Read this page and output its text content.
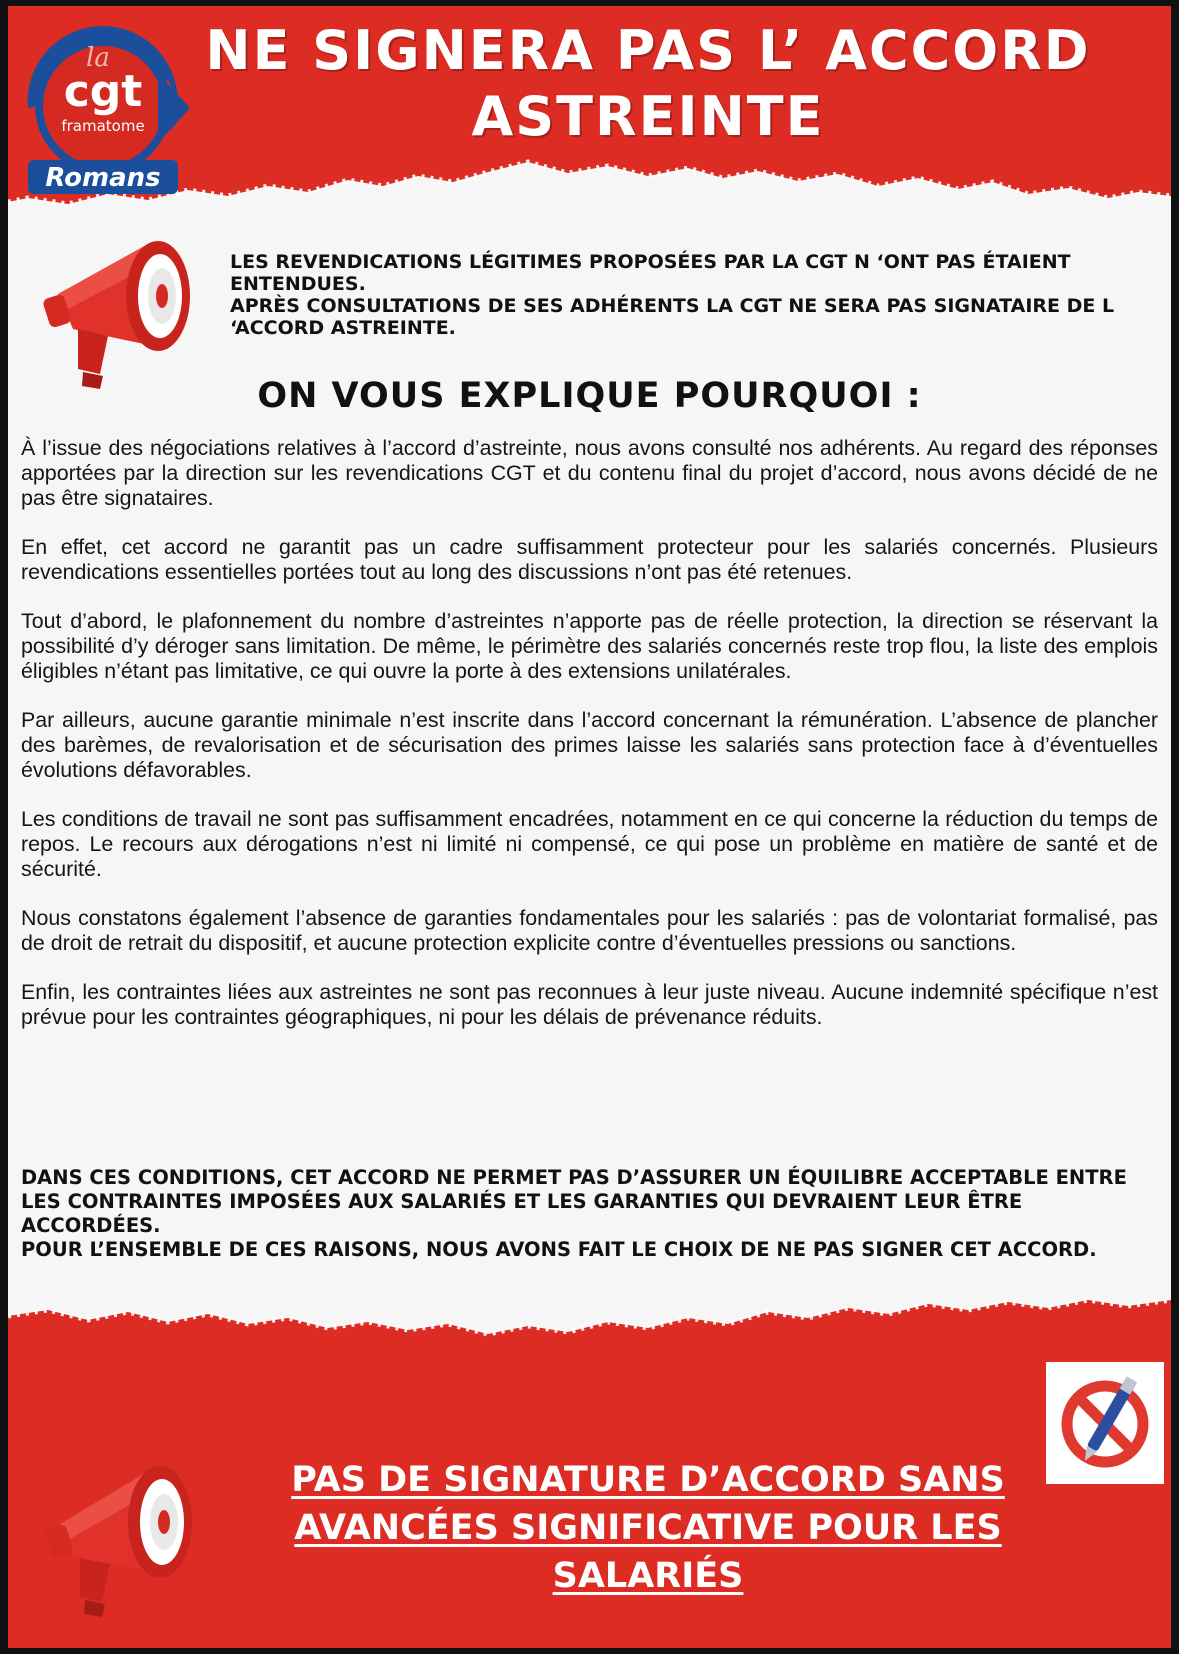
la
cgt
framatome
Romans
NE SIGNERA PAS L’ ACCORD
ASTREINTE
LES REVENDICATIONS LÉGITIMES PROPOSÉES PAR LA CGT N ‘ONT PAS ÉTAIENT ENTENDUES.
APRÈS CONSULTATIONS DE SES ADHÉRENTS LA CGT NE SERA PAS SIGNATAIRE DE L ‘ACCORD ASTREINTE.
ON VOUS EXPLIQUE POURQUOI :

À l’issue des négociations relatives à l’accord d’astreinte, nous avons consulté nos adhérents. Au regard des réponses apportées par la direction sur les revendications CGT et du contenu final du projet d’accord, nous avons décidé de ne pas être signataires.

En effet, cet accord ne garantit pas un cadre suffisamment protecteur pour les salariés concernés. Plusieurs revendications essentielles portées tout au long des discussions n’ont pas été retenues.

Tout d’abord, le plafonnement du nombre d’astreintes n’apporte pas de réelle protection, la direction se réservant la possibilité d’y déroger sans limitation. De même, le périmètre des salariés concernés reste trop flou, la liste des emplois éligibles n’étant pas limitative, ce qui ouvre la porte à des extensions unilatérales.

Par ailleurs, aucune garantie minimale n’est inscrite dans l’accord concernant la rémunération. L’absence de plancher des barèmes, de revalorisation et de sécurisation des primes laisse les salariés sans protection face à d’éventuelles évolutions défavorables.

Les conditions de travail ne sont pas suffisamment encadrées, notamment en ce qui concerne la réduction du temps de repos. Le recours aux dérogations n’est ni limité ni compensé, ce qui pose un problème en matière de santé et de sécurité.

Nous constatons également l’absence de garanties fondamentales pour les salariés : pas de volontariat formalisé, pas de droit de retrait du dispositif, et aucune protection explicite contre d’éventuelles pressions ou sanctions.

Enfin, les contraintes liées aux astreintes ne sont pas reconnues à leur juste niveau. Aucune indemnité spécifique n’est prévue pour les contraintes géographiques, ni pour les délais de prévenance réduits.

DANS CES CONDITIONS, CET ACCORD NE PERMET PAS D’ASSURER UN ÉQUILIBRE ACCEPTABLE ENTRE LES CONTRAINTES IMPOSÉES AUX SALARIÉS ET LES GARANTIES QUI DEVRAIENT LEUR ÊTRE ACCORDÉES.
POUR L’ENSEMBLE DE CES RAISONS, NOUS AVONS FAIT LE CHOIX DE NE PAS SIGNER CET ACCORD.
PAS DE SIGNATURE D’ACCORD SANS
AVANCÉES SIGNIFICATIVE POUR LES SALARIÉS
